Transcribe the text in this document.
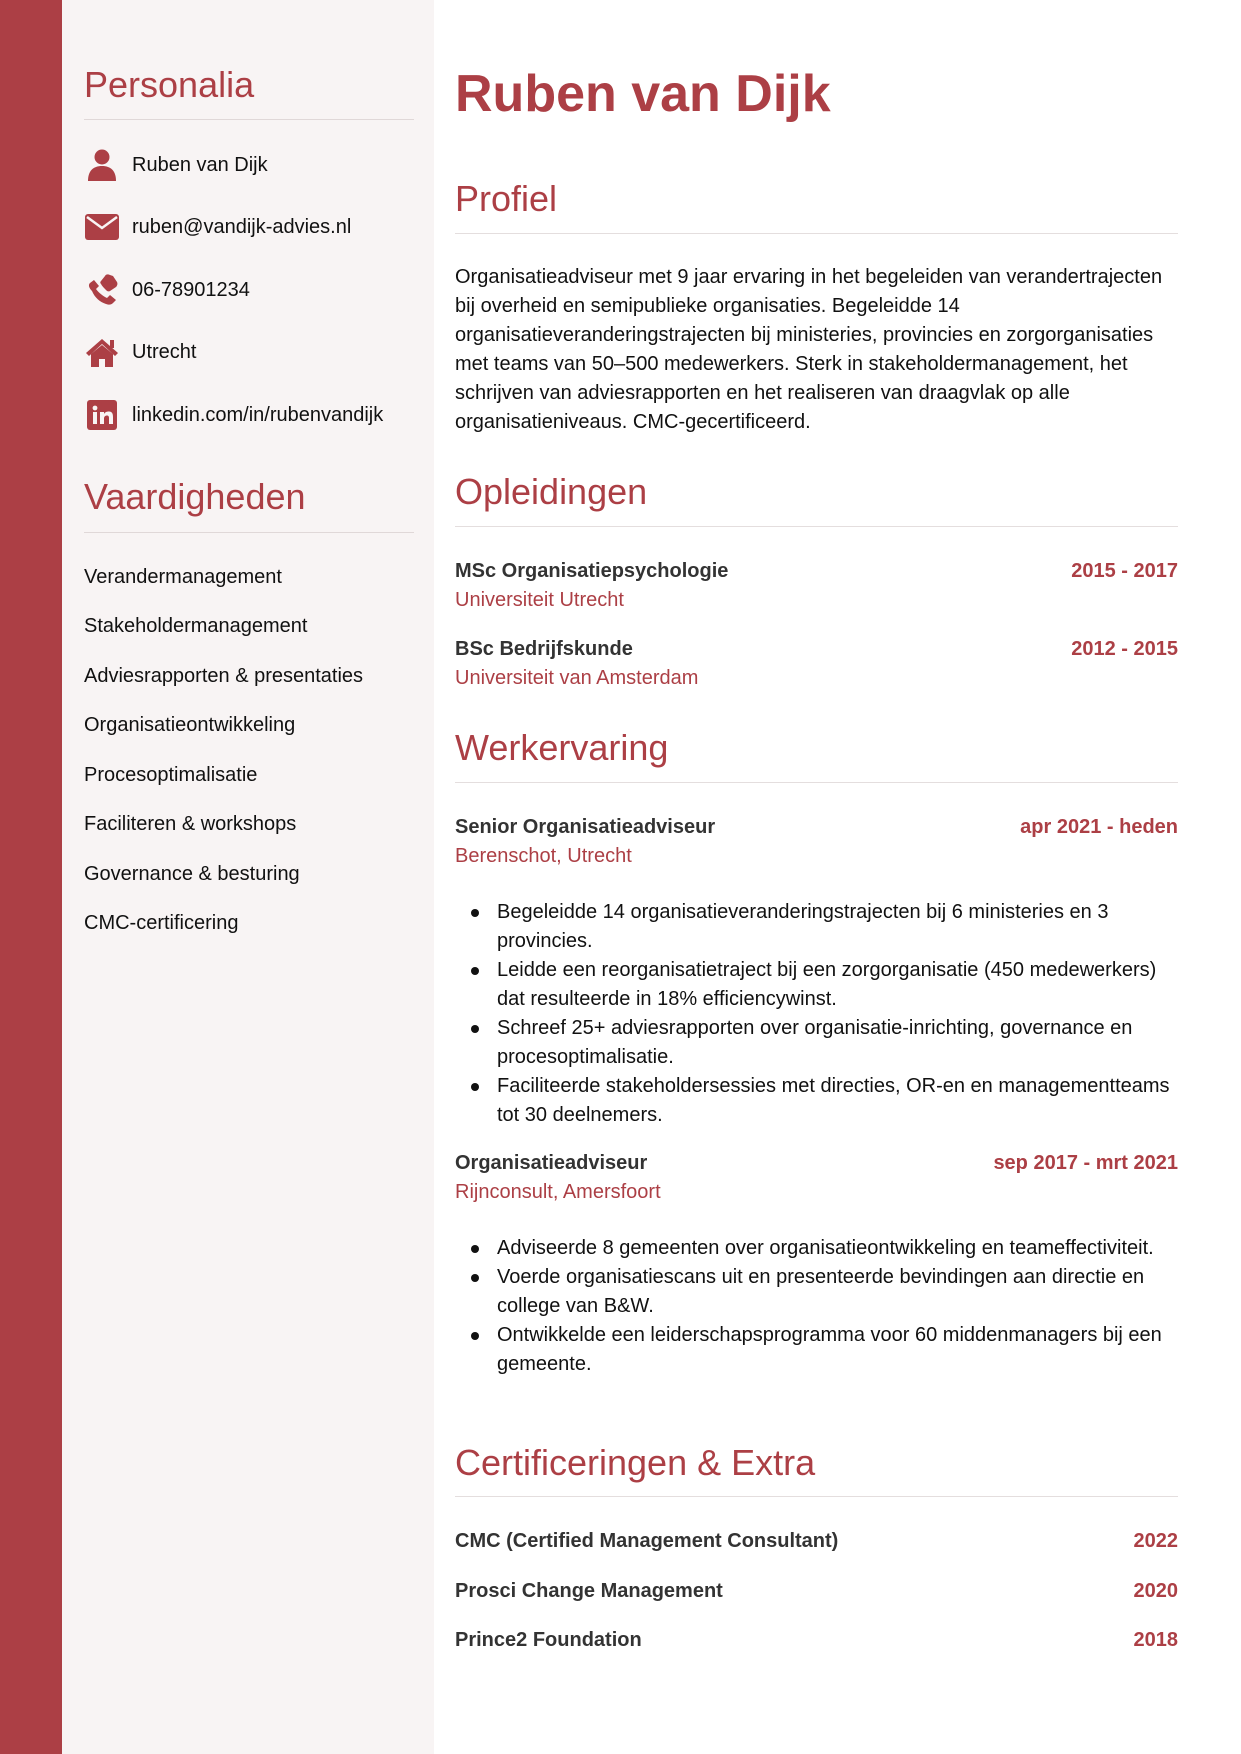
Personalia
Ruben van Dijk
ruben@vandijk-advies.nl
06-78901234
Utrecht
linkedin.com/in/rubenvandijk
Vaardigheden
Verandermanagement
Stakeholdermanagement
Adviesrapporten & presentaties
Organisatieontwikkeling
Procesoptimalisatie
Faciliteren & workshops
Governance & besturing
CMC-certificering
Ruben van Dijk
Profiel

Organisatieadviseur met 9 jaar ervaring in het begeleiden van verandertrajecten bij overheid en semipublieke organisaties. Begeleidde 14 organisatieveranderingstrajecten bij ministeries, provincies en zorgorganisaties met teams van 50–500 medewerkers. Sterk in stakeholdermanagement, het schrijven van adviesrapporten en het realiseren van draagvlak op alle organisatieniveaus. CMC-gecertificeerd.

Opleidingen
MSc Organisatiepsychologie	2015 - 2017
Universiteit Utrecht
BSc Bedrijfskunde	2012 - 2015
Universiteit van Amsterdam
Werkervaring
Senior Organisatieadviseur	apr 2021 - heden
Berenschot, Utrecht
Begeleidde 14 organisatieveranderingstrajecten bij 6 ministeries en 3 provincies.
Leidde een reorganisatietraject bij een zorgorganisatie (450 medewerkers) dat resulteerde in 18% efficiencywinst.
Schreef 25+ adviesrapporten over organisatie-inrichting, governance en procesoptimalisatie.
Faciliteerde stakeholdersessies met directies, OR-en en managementteams tot 30 deelnemers.
Organisatieadviseur	sep 2017 - mrt 2021
Rijnconsult, Amersfoort
Adviseerde 8 gemeenten over organisatieontwikkeling en teameffectiviteit.
Voerde organisatiescans uit en presenteerde bevindingen aan directie en college van B&W.
Ontwikkelde een leiderschapsprogramma voor 60 middenmanagers bij een gemeente.
Certificeringen & Extra
CMC (Certified Management Consultant)	2022
Prosci Change Management	2020
Prince2 Foundation	2018
